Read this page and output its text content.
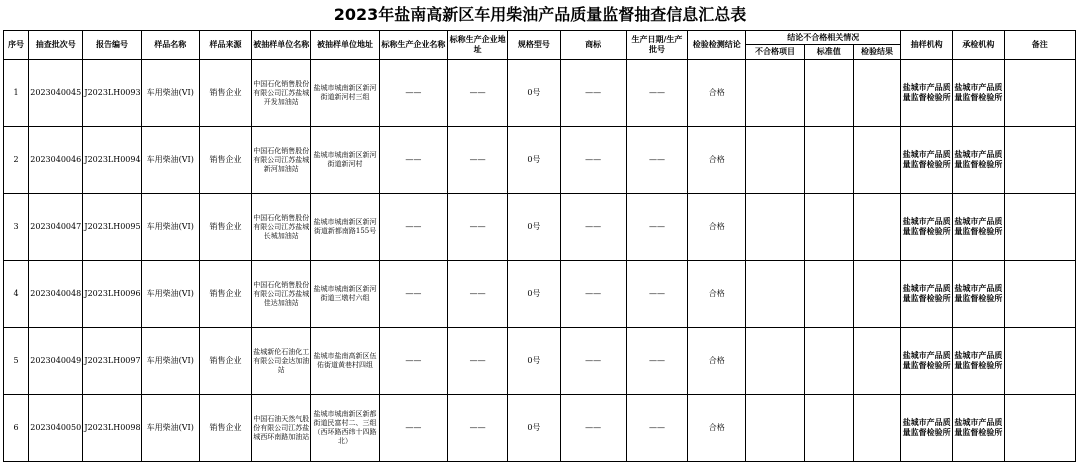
2023年盐南高新区车用柴油产品质量监督抽查信息汇总表
序号	抽查批次号	报告编号	样品名称	样品来源	被抽样单位名称	被抽样单位地址	标称生产企业名称	标称生产企业地址	规格型号	商标	生产日期/生产批号	检验检测结论	结论不合格相关情况			抽样机构	承检机构	备注
													不合格项目	标准值	检验结果			
1	2023040045	J2023LH0093	车用柴油(VI)	销售企业	中国石化销售股份有限公司江苏盐城开发加油站	盐城市城南新区新河街道新河村三组	——	——	0号	——	——	合格				盐城市产品质量监督检验所	盐城市产品质量监督检验所	
2	2023040046	J2023LH0094	车用柴油(VI)	销售企业	中国石化销售股份有限公司江苏盐城新河加油站	盐城市城南新区新河街道新河村	——	——	0号	——	——	合格				盐城市产品质量监督检验所	盐城市产品质量监督检验所	
3	2023040047	J2023LH0095	车用柴油(VI)	销售企业	中国石化销售股份有限公司江苏盐城长城加油站	盐城市城南新区新河街道新都南路155号	——	——	0号	——	——	合格				盐城市产品质量监督检验所	盐城市产品质量监督检验所	
4	2023040048	J2023LH0096	车用柴油(VI)	销售企业	中国石化销售股份有限公司江苏盐城佳达加油站	盐城市城南新区新河街道三墩村六组	——	——	0号	——	——	合格				盐城市产品质量监督检验所	盐城市产品质量监督检验所	
5	2023040049	J2023LH0097	车用柴油(VI)	销售企业	盐城新伦石油化工有限公司金达加油站	盐城市盐南高新区伍佑街道黄巷村四组	——	——	0号	——	——	合格				盐城市产品质量监督检验所	盐城市产品质量监督检验所	
6	2023040050	J2023LH0098	车用柴油(VI)	销售企业	中国石油天然气股份有限公司江苏盐城西环南路加油站	盐城市城南新区新都街道民富村二、三组（西环路西纬十四路北）	——	——	0号	——	——	合格				盐城市产品质量监督检验所	盐城市产品质量监督检验所	
